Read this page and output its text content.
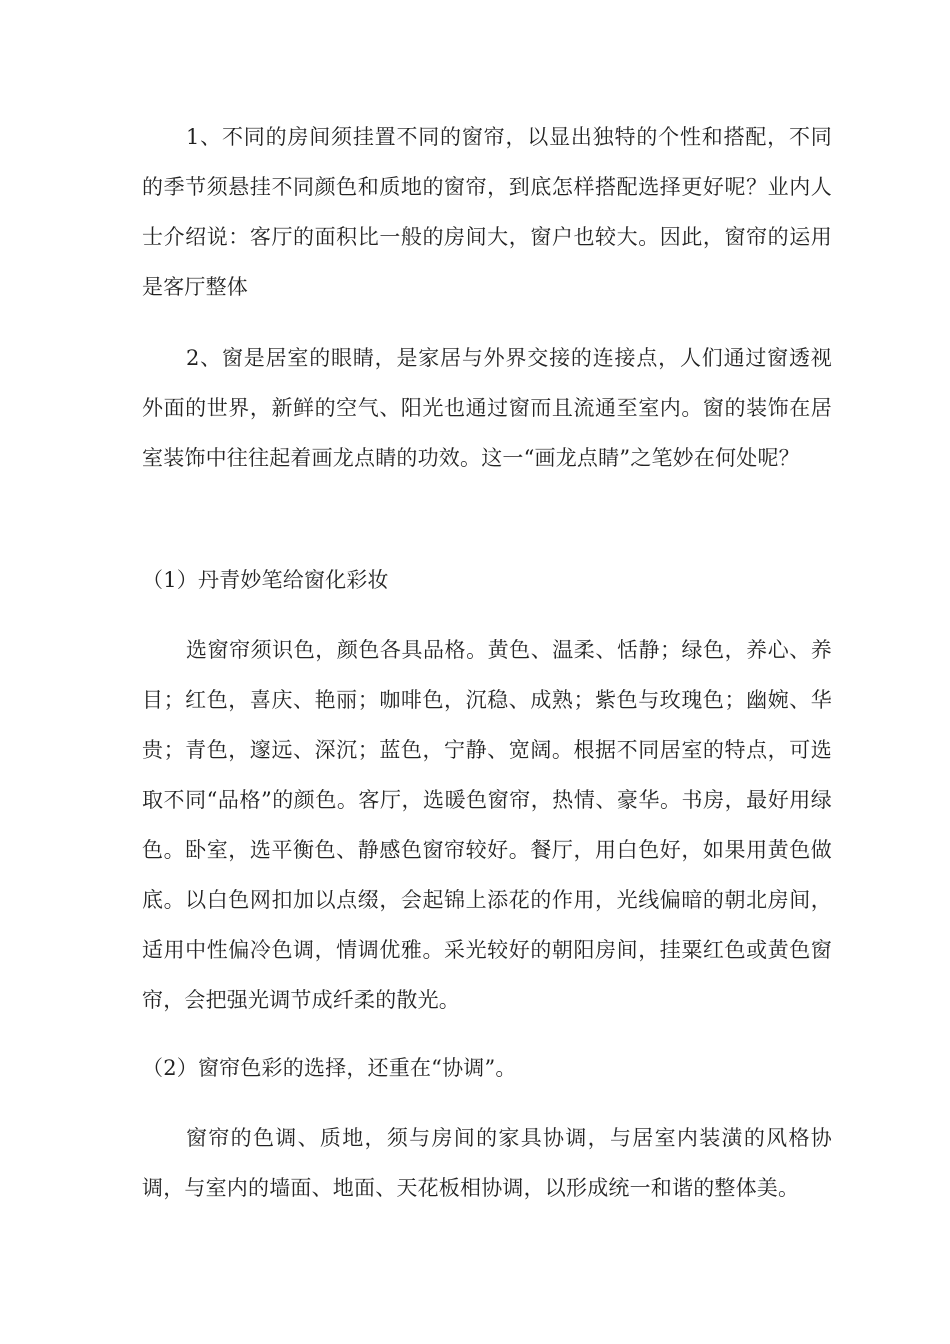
1、不同的房间须挂置不同的窗帘，以显出独特的个性和搭配，不同的季节须悬挂不同颜色和质地的窗帘，到底怎样搭配选择更好呢？业内人士介绍说：客厅的面积比一般的房间大，窗户也较大。因此，窗帘的运用是客厅整体

2、窗是居室的眼睛，是家居与外界交接的连接点，人们通过窗透视外面的世界，新鲜的空气、阳光也通过窗而且流通至室内。窗的装饰在居室装饰中往往起着画龙点睛的功效。这一“画龙点睛”之笔妙在何处呢？

（1）丹青妙笔给窗化彩妆

选窗帘须识色，颜色各具品格。黄色、温柔、恬静；绿色，养心、养目；红色，喜庆、艳丽；咖啡色，沉稳、成熟；紫色与玫瑰色；幽婉、华贵；青色，邃远、深沉；蓝色，宁静、宽阔。根据不同居室的特点，可选取不同“品格”的颜色。客厅，选暖色窗帘，热情、豪华。书房，最好用绿色。卧室，选平衡色、静感色窗帘较好。餐厅，用白色好，如果用黄色做底。以白色网扣加以点缀，会起锦上添花的作用，光线偏暗的朝北房间，适用中性偏冷色调，情调优雅。采光较好的朝阳房间，挂粟红色或黄色窗帘，会把强光调节成纤柔的散光。

（2）窗帘色彩的选择，还重在“协调”。

窗帘的色调、质地，须与房间的家具协调，与居室内装潢的风格协调，与室内的墙面、地面、天花板相协调，以形成统一和谐的整体美。
